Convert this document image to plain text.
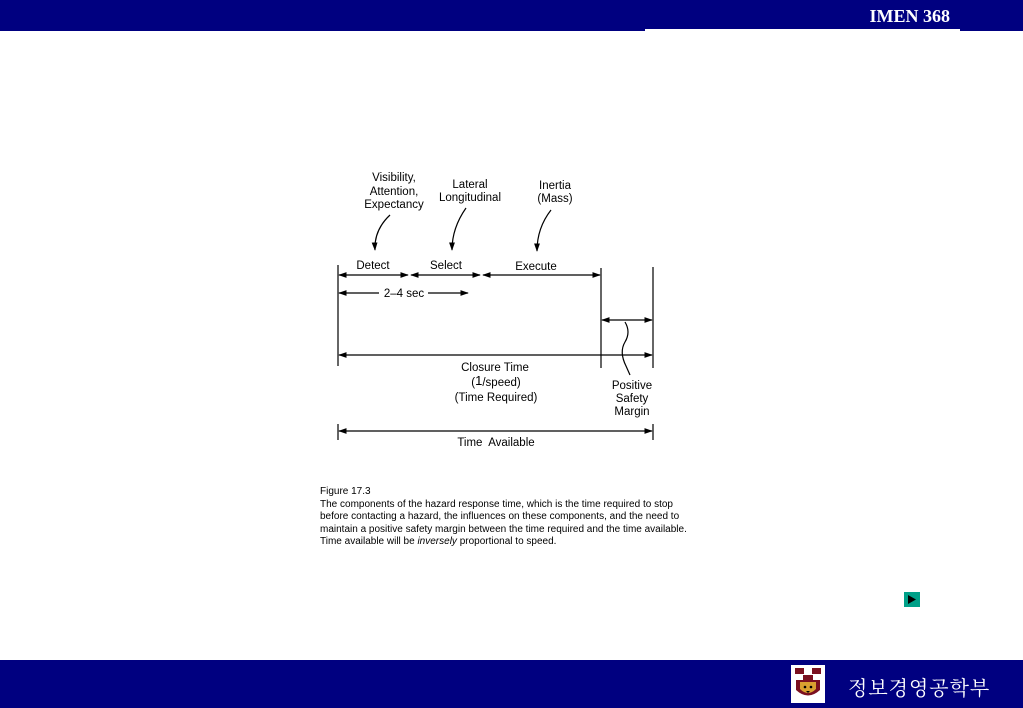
IMEN 368
Visibility,
Attention,
Expectancy
Lateral
Longitudinal
Inertia
(Mass)
Detect	Select	Execute
2–4 sec
Closure Time
(1/speed)
(Time Required)
Positive
Safety
Margin
Time  Available

Figure 17.3

The components of the hazard response time, which is the time required to stop before contacting a hazard, the influences on these components, and the need to maintain a positive safety margin between the time required and the time available. Time available will be inversely proportional to speed.

정보경영공학부
